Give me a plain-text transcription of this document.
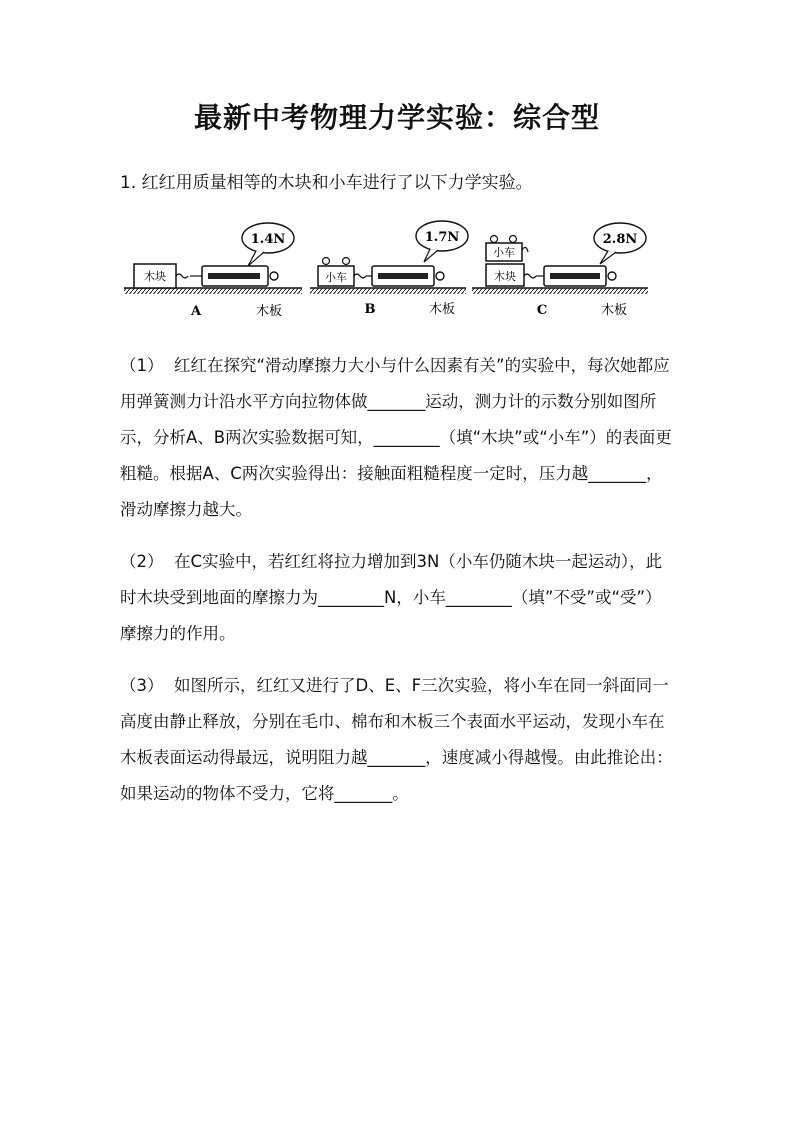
最新中考物理力学实验：综合型
1. 红红用质量相等的木块和小车进行了以下力学实验。
木块
1.4N
A	木板
小车
1.7N
B	木板
木块
小车
2.8N
C	木板
（1）  红红在探究“滑动摩擦力大小与什么因素有关”的实验中，每次她都应用弹簧测力计沿水平方向拉物体做_______运动，测力计的示数分别如图所示，分析A、B两次实验数据可知，________（填“木块”或“小车”）的表面更粗糙。根据A、C两次实验得出：接触面粗糙程度一定时，压力越_______，滑动摩擦力越大。
（2）  在C实验中，若红红将拉力增加到3N（小车仍随木块一起运动），此时木块受到地面的摩擦力为________N，小车________（填”不受”或“受”）摩擦力的作用。
（3）  如图所示，红红又进行了D、E、F三次实验，将小车在同一斜面同一高度由静止释放，分别在毛巾、棉布和木板三个表面水平运动，发现小车在木板表面运动得最远，说明阻力越_______，速度减小得越慢。由此推论出：如果运动的物体不受力，它将_______。
